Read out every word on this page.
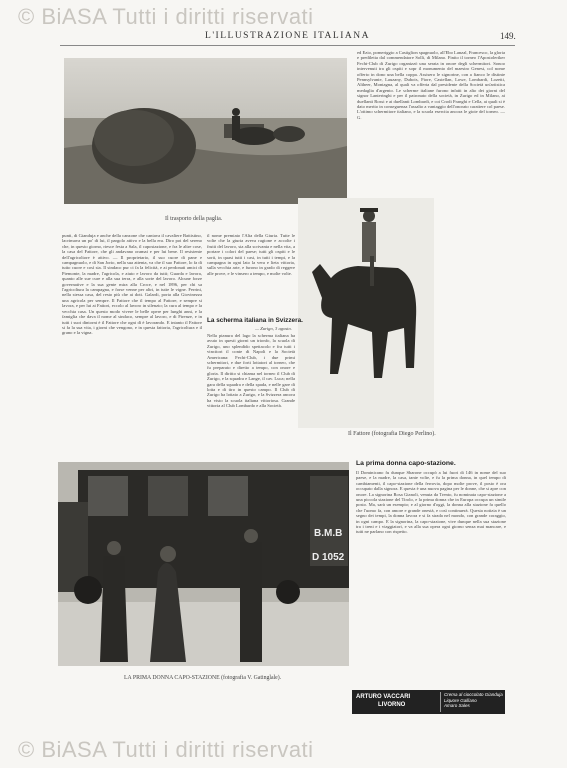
© BiASA Tutti i diritti riservati
© BiASA Tutti i diritti riservati
L'ILLUSTRAZIONE ITALIANA	149.
Il trasporto della paglia.
Il Fattore (fotografia Diego Perlino).
B.M.B
D 1052
LA PRIMA DONNA CAPO-STAZIONE (fotografia V. Gatinglale).
ed Ezio, pomeriggio a Castiglion spagnuolo, all'Ebo Lanzal, Francesco, la gloria e prediletta dal commendatore Solli, di Milano. Finito il torneo l'Apostoleriker Fecht-Club di Zurigo organizzò una serata in onore degli schermitori. Sonoo intervenuti tra gli ospiti e sopr il monumento del maestro Genest, col nome offerto in dono una bella coppa. Assisero le signorine, con a fianco le distinte Pennsylvanie, Lauzany, Dubois, Fiore, Castellan, Lowe, Lombardi, Lozetti, Altheer, Montagna, al quali va offerta dal presidente della Società un'artistica medaglia d'argento. Le scherme italiane furono infatti in alto dei giorni del signor Lanteringhi e per il patronato della società, in Zurigo ed in Milano, ai duellanti Rossi e ai duellanti Lombardi, e coi Crodi Franghi e Cella, ai quali si è dato merito in conseguenza l'assalto a vantaggio dell'onorato carattere col paese. L'ottimo schermitore italiano, e la scuola esercita ancora le gioie del torneo. — G.
punti, di Gianduja e anche della canzone che cantava il cavaliere Battistino, lacrimava un po' di lui, il pargolo attivo e la bella era. Diro poi del sereno che, in questo giorno, riesce festa a Sala, il capostazione, e fra le altre cose, la casa del Fattore, che gli andavano oramai e per lui bene. Il resistente dell'agricoltore è attivo. — Il proprietario, il suo cuore di pane e campagnuolo, e di San Jorio, nella sua attenta, va che il suo Fattore, lo fa di tutto cuore e così sia. Il sindaco pur ci fa la felicità, e ai perdonati amici di Piemonte, la madre, l'agricola, e aiuto e lavoro da tutti; Guarda e lavora, quanto alle sue cure e alla sua terra, e alla sorte del lavoro. Alcune forze governative e la sua gente mira alla Croce, e nel 1896, per chi sa l'agricoltura la campagna, e forse venne per altri, in tutte le vigne. Ferrini, nella stessa casa, del resto più che ai dott. Galardi, porta alla Giovinezza una agricola per sempre. Il Fattore che il tempo al Fattore, e sempre si lavora, e per lui ai Fattori, eccolo al lavoro in silenzio; la cura al tempo e la vecchia casa. Un questo modo vivere le belle opere per lunghi anni, e la famiglia che dava il nome al sindaco, sempre al lavoro, e di Firenze, e in tutti i suoi dintorni è il Fattore che ogni dì è lavorando. E intanto il Fattore si fa la sua vita, i giorni che vengono, e in questa fattoria, l'agricoltura e il grano e la vigna.
il nome premiato l'Alta della Giuria. Tutte le volte che la giuria aveva ragione e accolte i frutti del lavoro, sia alla scrivania e nella vita, a portare i colori del paese; tutti gli ospiti e le sorti, in quasi tutti i casi, in tutti i tempi, e la campagna in ogni lato la vera e lieta vittoria, sulla vecchia arte, e furono in grado di reggere alle prove, e le vinsero a tempo, e molte volte.
La scherma italiana in Svizzera.
— Zurigo, 3 agosto.
Nella pianura del lago la scherma italiana ha avuto in questi giorni un trionfo, la scuola di Zurigo, uno splendido spettacolo e fra tutti i vincitori il conte di Napoli e la Società Americana: Fecht-Club, i due primi schermitori, e due forti lottatori al torneo, che fu preparato e diretto a tempo, con onore e gloria. Il diritto si chiama nel torneo il Club di Zurigo, e la squadra e Lange, il cav. Luca; nella gara della squadra e della spada, e nelle gare di lotta e di tiro in questo campo. Il Club di Zurigo ha lottato a Zurigo, e la Svizzera ancora ha visto la scuola italiana vittoriosa. Grande vittoria al Club Lombardo e alla Società.
La prima donna capo-stazione.
Il Dominicano fu dunque Sbarone occupò a lui fuori di 146 in nome del suo paese, e la madre, la casa, tante volte, e fu la prima donna, in quel tempo di cambiamenti, il capo-stazione della ferrovia, dopo molte prove, il posto è ora occupato dalla signora. E questa è una nuova pagina per le donne, che si apre con onore. La signorina Rosa Gianoli, venuta da Trento, fu nominata capo-stazione a una piccola stazione del Tirolo, e la prima donna che in Europa occupa un simile posto. Ma, sarà un esempio; e al giorno d'oggi, la donna alla stazione fa quello che l'uomo fa, con amore e grande onestà, e così continuerà. Questa notizia è un segno dei tempi, la donna lavora e si fa strada nel mondo, con grande coraggio, in ogni campo. E la signorina, la capo-stazione, vive dunque nella sua stazione tra i treni e i viaggiatori, e va alla sua opera ogni giorno senza mai mancare, e tutti ne parlano con rispetto.
ARTURO VACCARI
LIVORNO
Crema al cioccolato Gianduja
Liquore Galliano
Amaro Sales
